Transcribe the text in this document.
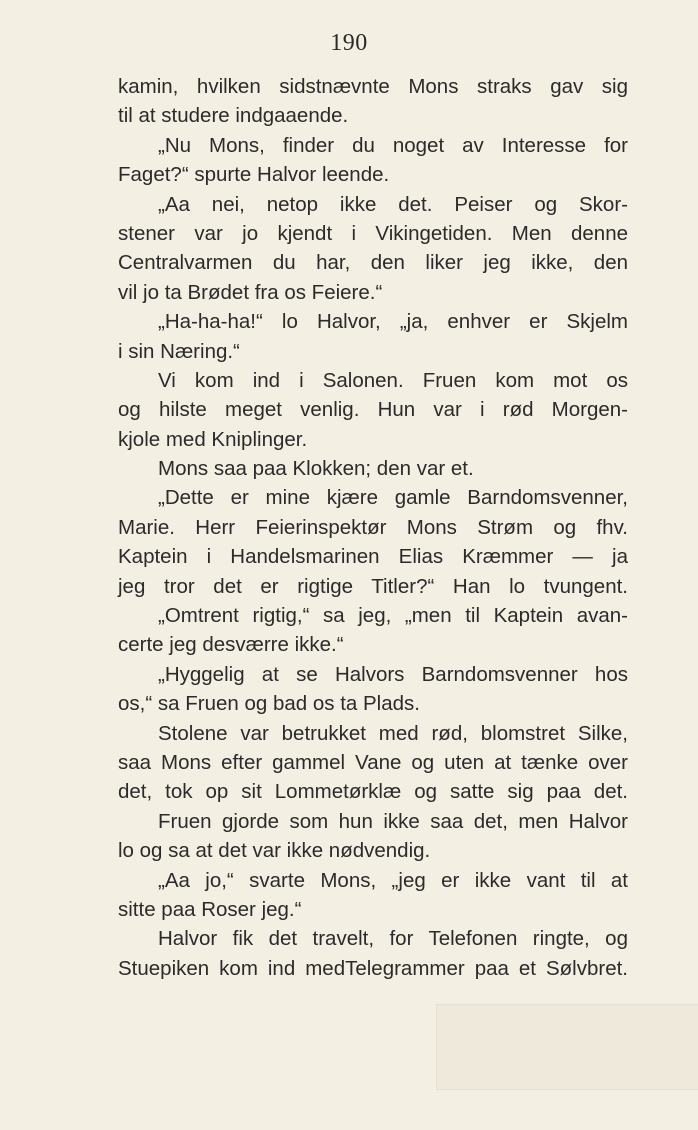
190
kamin, hvilken sidstnævnte Mons straks gav sig
til at studere indgaaende.
„Nu Mons, finder du noget av Interesse for
Faget?“ spurte Halvor leende.
„Aa nei, netop ikke det. Peiser og Skor-
stener var jo kjendt i Vikingetiden. Men denne
Centralvarmen du har, den liker jeg ikke, den
vil jo ta Brødet fra os Feiere.“
„Ha-ha-ha!“ lo Halvor, „ja, enhver er Skjelm
i sin Næring.“
Vi kom ind i Salonen. Fruen kom mot os
og hilste meget venlig. Hun var i rød Morgen-
kjole med Kniplinger.
Mons saa paa Klokken; den var et.
„Dette er mine kjære gamle Barndomsvenner,
Marie. Herr Feierinspektør Mons Strøm og fhv.
Kaptein i Handelsmarinen Elias Kræmmer — ja
jeg tror det er rigtige Titler?“ Han lo tvungent.
„Omtrent rigtig,“ sa jeg, „men til Kaptein avan-
certe jeg desværre ikke.“
„Hyggelig at se Halvors Barndomsvenner hos
os,“ sa Fruen og bad os ta Plads.
Stolene var betrukket med rød, blomstret Silke,
saa Mons efter gammel Vane og uten at tænke over
det, tok op sit Lommetørklæ og satte sig paa det.
Fruen gjorde som hun ikke saa det, men Halvor
lo og sa at det var ikke nødvendig.
„Aa jo,“ svarte Mons, „jeg er ikke vant til at
sitte paa Roser jeg.“
Halvor fik det travelt, for Telefonen ringte, og
Stuepiken kom ind medTelegrammer paa et Sølvbret.
